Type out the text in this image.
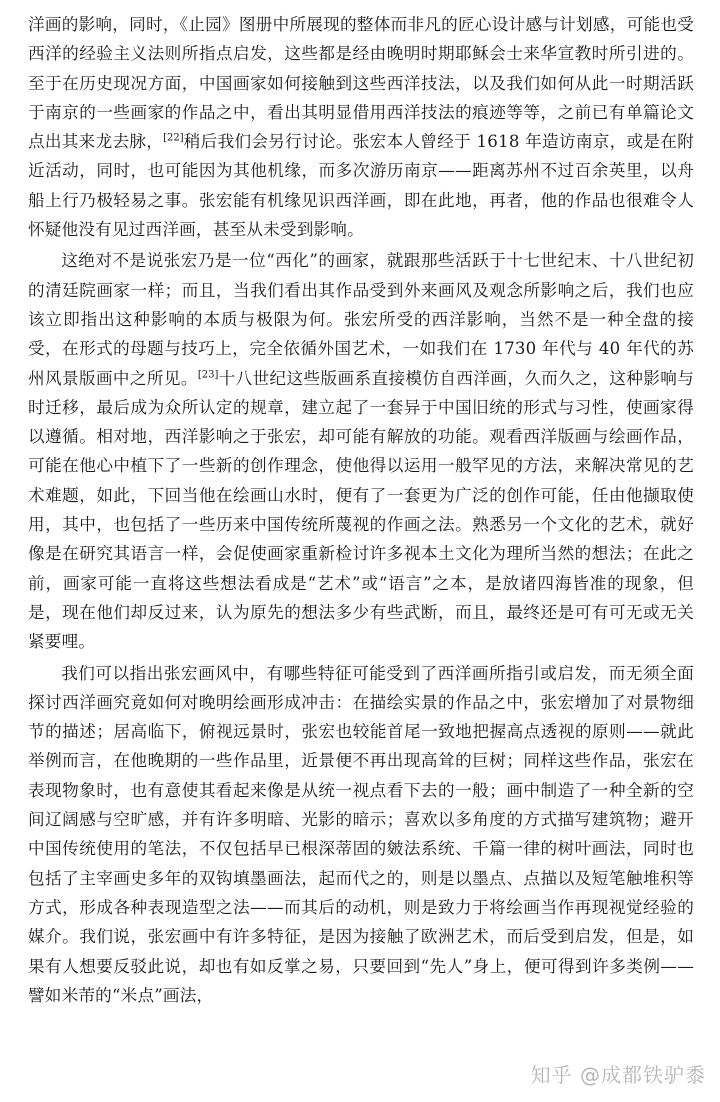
洋画的影响，同时，《止园》图册中所展现的整体而非凡的匠心设计感与计划感，可能也受西洋的经验主义法则所指点启发，这些都是经由晚明时期耶稣会士来华宣教时所引进的。至于在历史现况方面，中国画家如何接触到这些西洋技法，以及我们如何从此一时期活跃于南京的一些画家的作品之中，看出其明显借用西洋技法的痕迹等等，之前已有单篇论文点出其来龙去脉，[22]稍后我们会另行讨论。张宏本人曾经于 1618 年造访南京，或是在附近活动，同时，也可能因为其他机缘，而多次游历南京——距离苏州不过百余英里，以舟船上行乃极轻易之事。张宏能有机缘见识西洋画，即在此地，再者，他的作品也很难令人怀疑他没有见过西洋画，甚至从未受到影响。

这绝对不是说张宏乃是一位“西化”的画家，就跟那些活跃于十七世纪末、十八世纪初的清廷院画家一样；而且，当我们看出其作品受到外来画风及观念所影响之后，我们也应该立即指出这种影响的本质与极限为何。张宏所受的西洋影响，当然不是一种全盘的接受，在形式的母题与技巧上，完全依循外国艺术，一如我们在 1730 年代与 40 年代的苏州风景版画中之所见。[23]十八世纪这些版画系直接模仿自西洋画，久而久之，这种影响与时迁移，最后成为众所认定的规章，建立起了一套异于中国旧统的形式与习性，使画家得以遵循。相对地，西洋影响之于张宏，却可能有解放的功能。观看西洋版画与绘画作品，可能在他心中植下了一些新的创作理念，使他得以运用一般罕见的方法，来解决常见的艺术难题，如此，下回当他在绘画山水时，便有了一套更为广泛的创作可能，任由他撷取使用，其中，也包括了一些历来中国传统所蔑视的作画之法。熟悉另一个文化的艺术，就好像是在研究其语言一样，会促使画家重新检讨许多视本土文化为理所当然的想法；在此之前，画家可能一直将这些想法看成是“艺术”或“语言”之本，是放诸四海皆准的现象，但是，现在他们却反过来，认为原先的想法多少有些武断，而且，最终还是可有可无或无关紧要哩。

我们可以指出张宏画风中，有哪些特征可能受到了西洋画所指引或启发，而无须全面探讨西洋画究竟如何对晚明绘画形成冲击：在描绘实景的作品之中，张宏增加了对景物细节的描述；居高临下，俯视远景时，张宏也较能首尾一致地把握高点透视的原则——就此举例而言，在他晚期的一些作品里，近景便不再出现高耸的巨树；同样这些作品，张宏在表现物象时，也有意使其看起来像是从统一视点看下去的一般；画中制造了一种全新的空间辽阔感与空旷感，并有许多明暗、光影的暗示；喜欢以多角度的方式描写建筑物；避开中国传统使用的笔法，不仅包括早已根深蒂固的皴法系统、千篇一律的树叶画法，同时也包括了主宰画史多年的双钩填墨画法，起而代之的，则是以墨点、点描以及短笔触堆积等方式，形成各种表现造型之法——而其后的动机，则是致力于将绘画当作再现视觉经验的媒介。我们说，张宏画中有许多特征，是因为接触了欧洲艺术，而后受到启发，但是，如果有人想要反驳此说，却也有如反掌之易，只要回到“先人”身上，便可得到许多类例——譬如米芾的“米点”画法，

知乎 @成都铁驴黍
